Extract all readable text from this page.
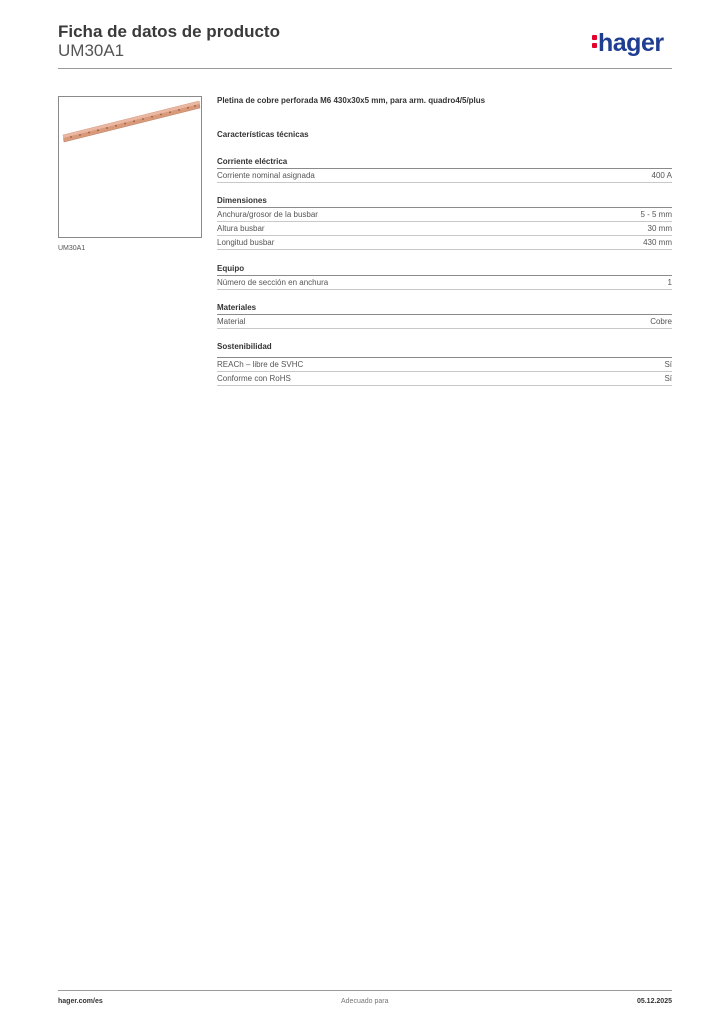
Ficha de datos de producto
UM30A1	hager
UM30A1
Pletina de cobre perforada M6 430x30x5 mm, para arm. quadro4/5/plus
Características técnicas
Corriente eléctrica
Corriente nominal asignada	400 A
Dimensiones
Anchura/grosor de la busbar	5 - 5 mm
Altura busbar	30 mm
Longitud busbar	430 mm
Equipo
Número de sección en anchura	1
Materiales
Material	Cobre
Sostenibilidad
REACh – libre de SVHC	Sí
Conforme con RoHS	Sí
hager.com/es	Adecuado para	05.12.2025
